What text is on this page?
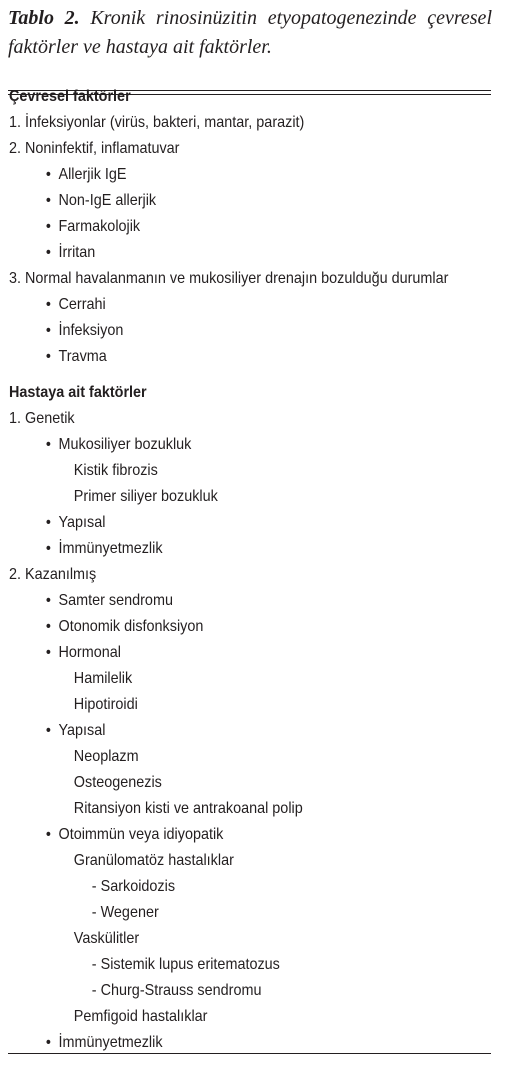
Tablo 2. Kronik rinosinüzitin etyopatogenezinde çevresel faktörler ve hastaya ait faktörler.
Çevresel faktörler
1. İnfeksiyonlar (virüs, bakteri, mantar, parazit)
2. Noninfektif, inflamatuvar
• Allerjik IgE
• Non-IgE allerjik
• Farmakolojik
• İrritan
3. Normal havalanmanın ve mukosiliyer drenajın bozulduğu durumlar
• Cerrahi
• İnfeksiyon
• Travma
Hastaya ait faktörler
1. Genetik
• Mukosiliyer bozukluk
Kistik fibrozis
Primer siliyer bozukluk
• Yapısal
• İmmünyetmezlik
2. Kazanılmış
• Samter sendromu
• Otonomik disfonksiyon
• Hormonal
Hamilelik
Hipotiroidi
• Yapısal
Neoplazm
Osteogenezis
Ritansiyon kisti ve antrakoanal polip
• Otoimmün veya idiyopatik
Granülomatöz hastalıklar
- Sarkoidozis
- Wegener
Vaskülitler
- Sistemik lupus eritematozus
- Churg-Strauss sendromu
Pemfigoid hastalıklar
• İmmünyetmezlik
